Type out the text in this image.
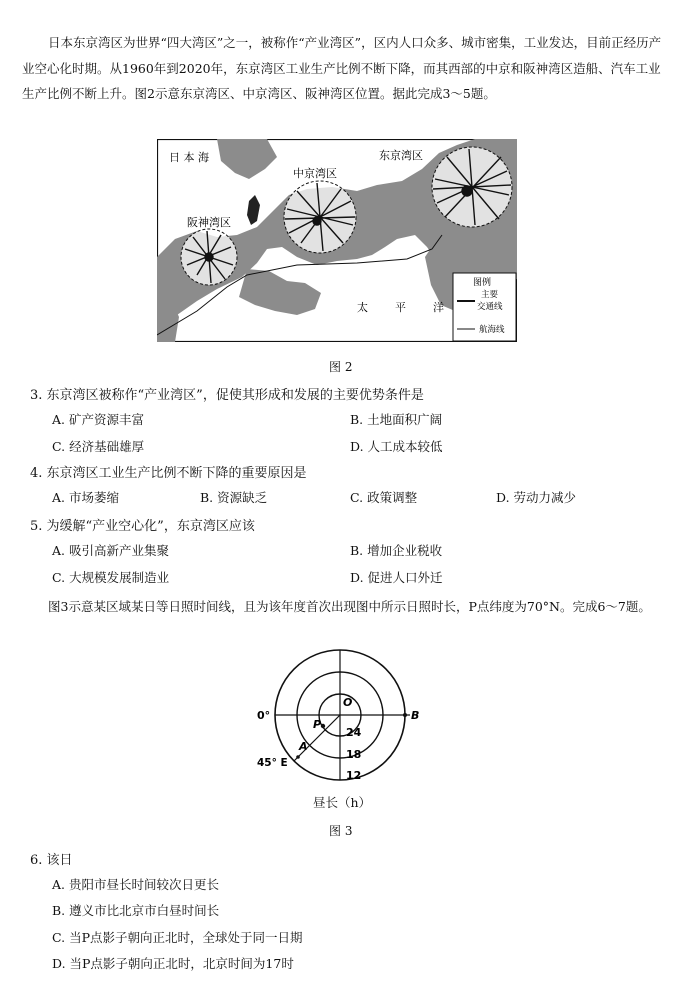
日本东京湾区为世界“四大湾区”之一，被称作“产业湾区”，区内人口众多、城市密集，工业发达，目前正经历产业空心化时期。从1960年到2020年，东京湾区工业生产比例不断下降，而其西部的中京和阪神湾区造船、汽车工业生产比例不断上升。图2示意东京湾区、中京湾区、阪神湾区位置。据此完成3～5题。
日 本 海
中京湾区
东京湾区
阪神湾区
太 平 洋
图例
主要
交通线
航海线
图 2
3. 东京湾区被称作“产业湾区”，促使其形成和发展的主要优势条件是
A. 矿产资源丰富	B. 土地面积广阔
C. 经济基础雄厚	D. 人工成本较低
4. 东京湾区工业生产比例不断下降的重要原因是
A. 市场萎缩	B. 资源缺乏	C. 政策调整	D. 劳动力减少
5. 为缓解“产业空心化”，东京湾区应该
A. 吸引高新产业集聚	B. 增加企业税收
C. 大规模发展制造业	D. 促进人口外迁
图3示意某区域某日等日照时间线，且为该年度首次出现图中所示日照时长，P点纬度为70°N。完成6～7题。
O
B
P
A
0°
45° E
24
18
12
昼长（h）
图 3
6. 该日
A. 贵阳市昼长时间较次日更长
B. 遵义市比北京市白昼时间长
C. 当P点影子朝向正北时，全球处于同一日期
D. 当P点影子朝向正北时，北京时间为17时
